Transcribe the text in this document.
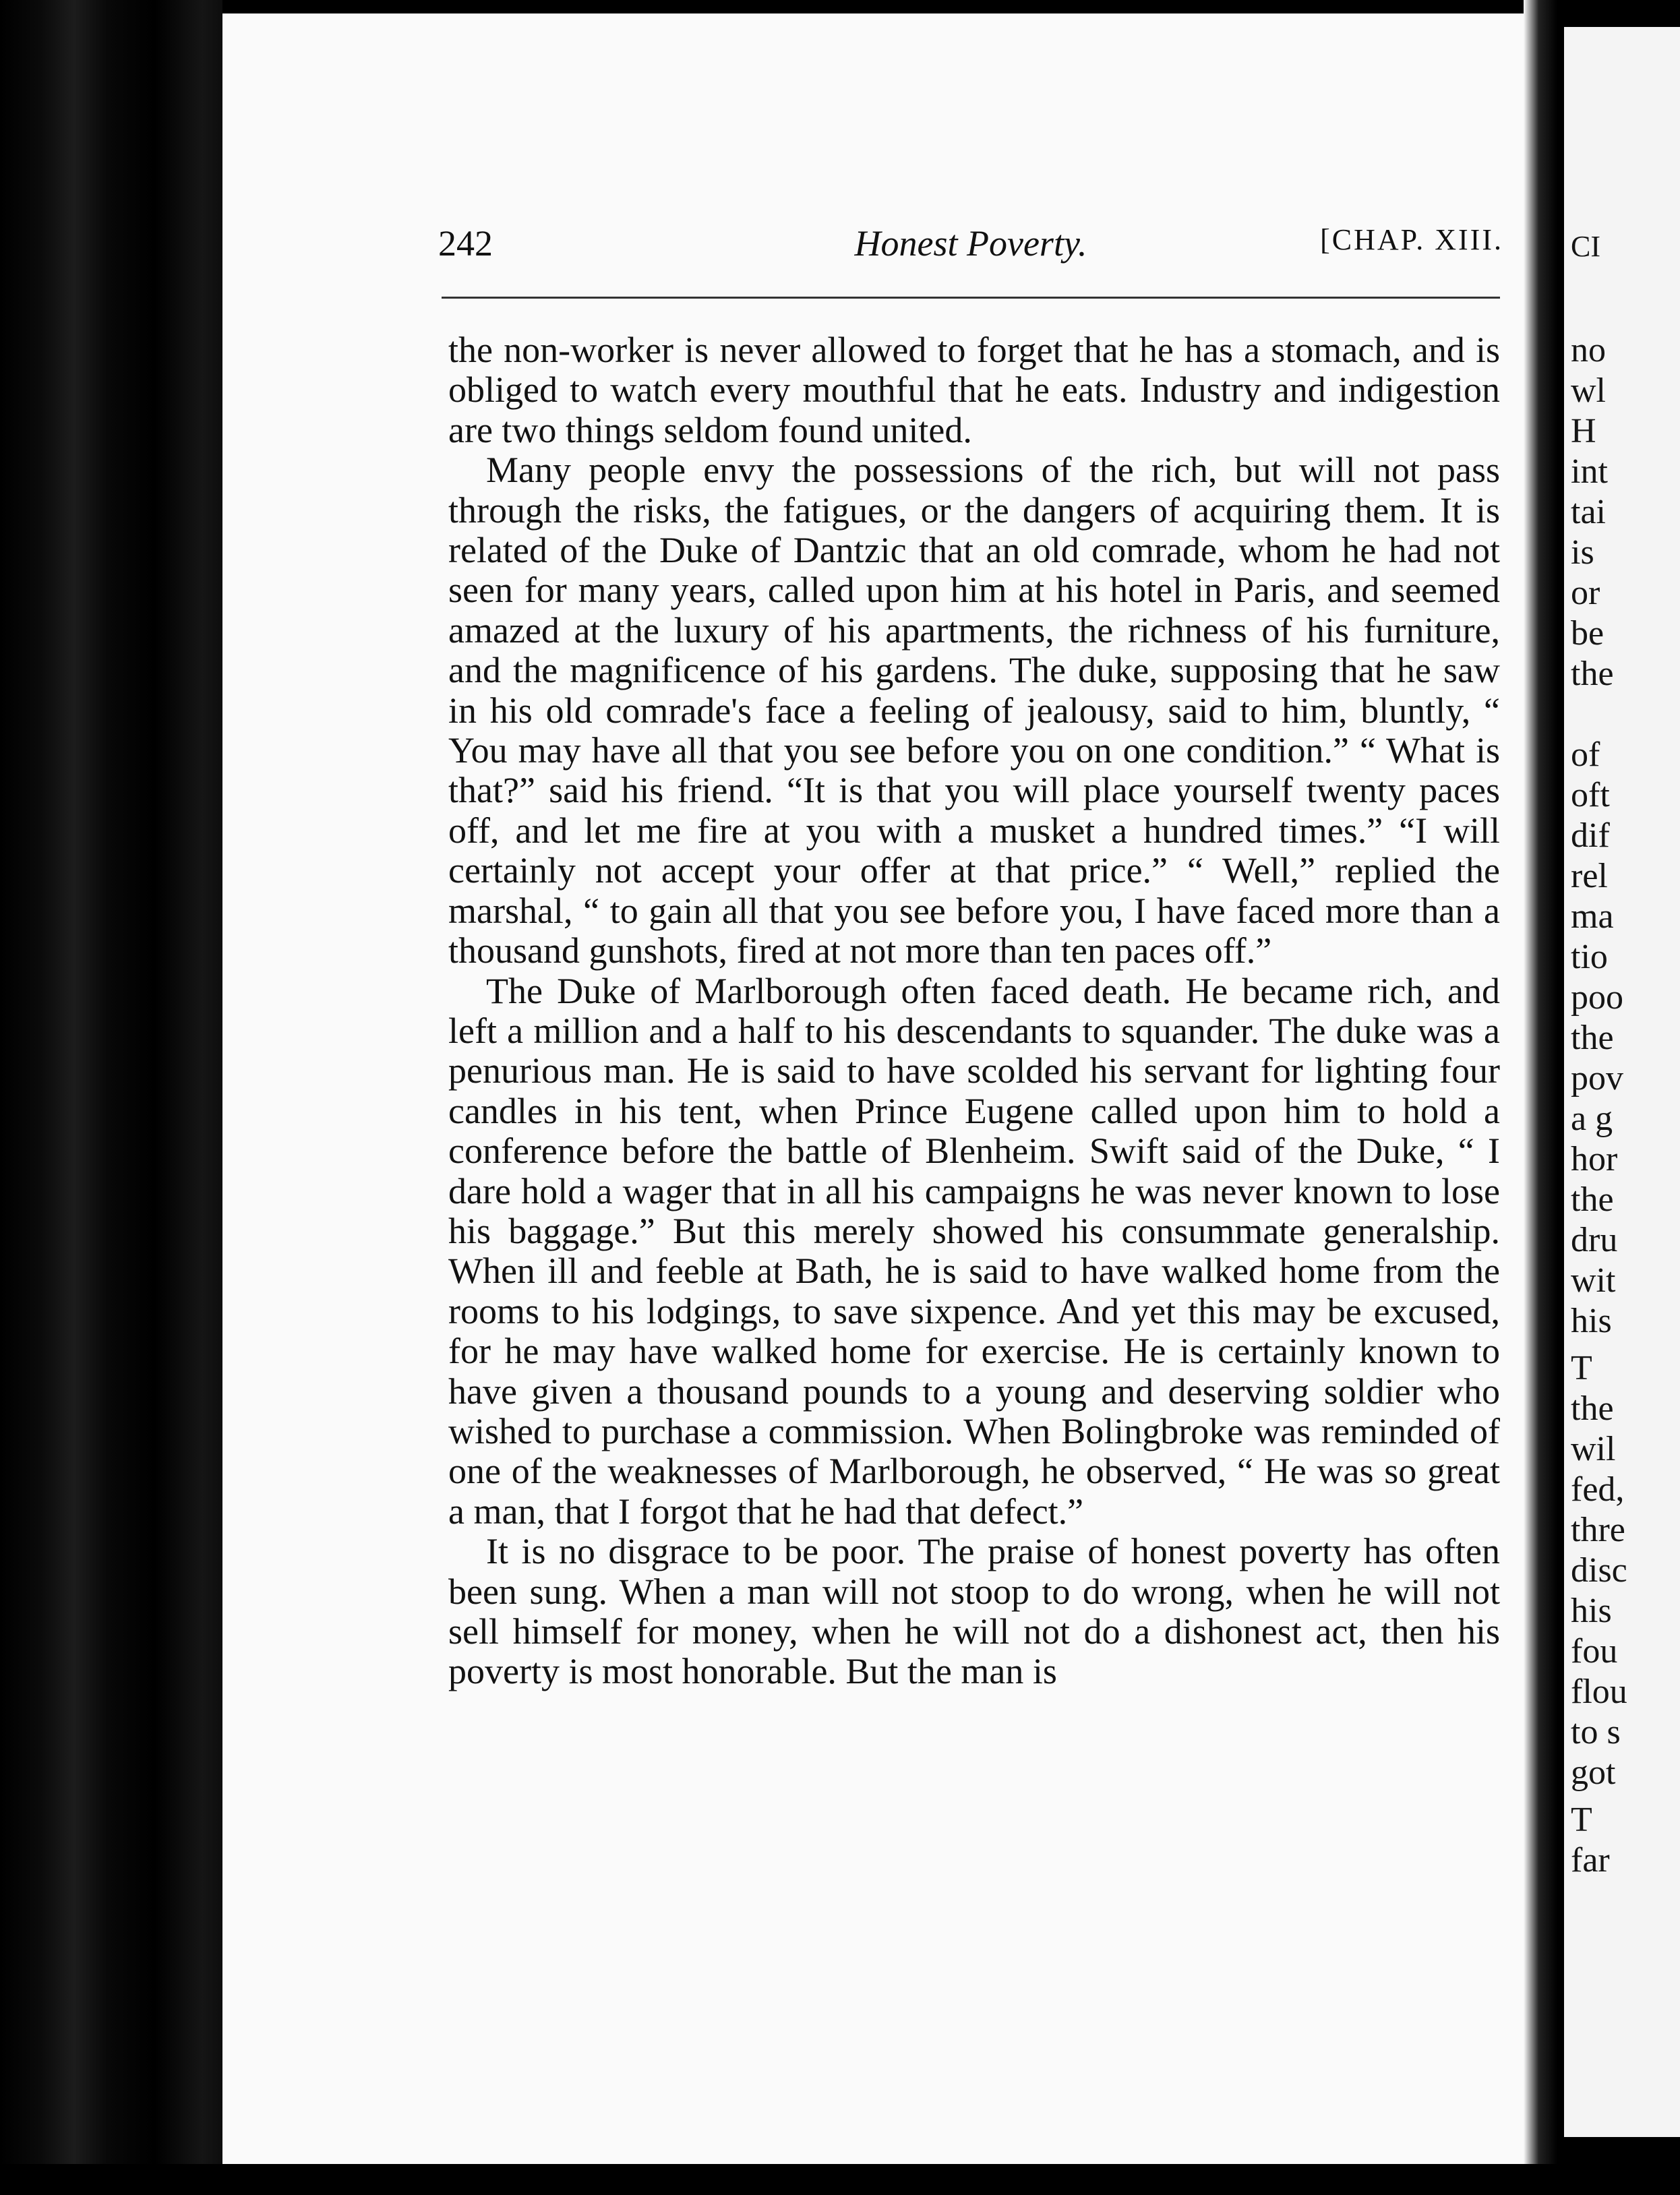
242	Honest Poverty.	[CHAP. XIII.

the non-worker is never allowed to forget that he has a stomach, and is obliged to watch every mouthful that he eats. Industry and indigestion are two things seldom found united.

Many people envy the possessions of the rich, but will not pass through the risks, the fatigues, or the dangers of acquiring them. It is related of the Duke of Dantzic that an old comrade, whom he had not seen for many years, called upon him at his hotel in Paris, and seemed amazed at the luxury of his apartments, the richness of his furniture, and the magnificence of his gardens. The duke, supposing that he saw in his old comrade's face a feeling of jealousy, said to him, bluntly, “ You may have all that you see before you on one condition.” “ What is that?” said his friend. “It is that you will place yourself twenty paces off, and let me fire at you with a musket a hundred times.” “I will certainly not accept your offer at that price.” “ Well,” replied the marshal, “ to gain all that you see before you, I have faced more than a thousand gunshots, fired at not more than ten paces off.”

The Duke of Marlborough often faced death. He became rich, and left a million and a half to his descendants to squander. The duke was a penurious man. He is said to have scolded his servant for lighting four candles in his tent, when Prince Eugene called upon him to hold a conference before the battle of Blenheim. Swift said of the Duke, “ I dare hold a wager that in all his campaigns he was never known to lose his baggage.” But this merely showed his consummate generalship. When ill and feeble at Bath, he is said to have walked home from the rooms to his lodgings, to save sixpence. And yet this may be excused, for he may have walked home for exercise. He is certainly known to have given a thousand pounds to a young and deserving soldier who wished to purchase a commission. When Bolingbroke was reminded of one of the weaknesses of Marlborough, he observed, “ He was so great a man, that I forgot that he had that defect.”

It is no disgrace to be poor. The praise of honest poverty has often been sung. When a man will not stoop to do wrong, when he will not sell himself for money, when he will not do a dishonest act, then his poverty is most honorable. But the man is

CI
no
wl
H
int
tai
is
or
be
the
of
oft
dif
rel
ma
tio
poo
the
pov
a g
hor
the
dru
wit
his
T
the
wil
fed,
thre
disc
his
fou
flou
to s
got
T
far
